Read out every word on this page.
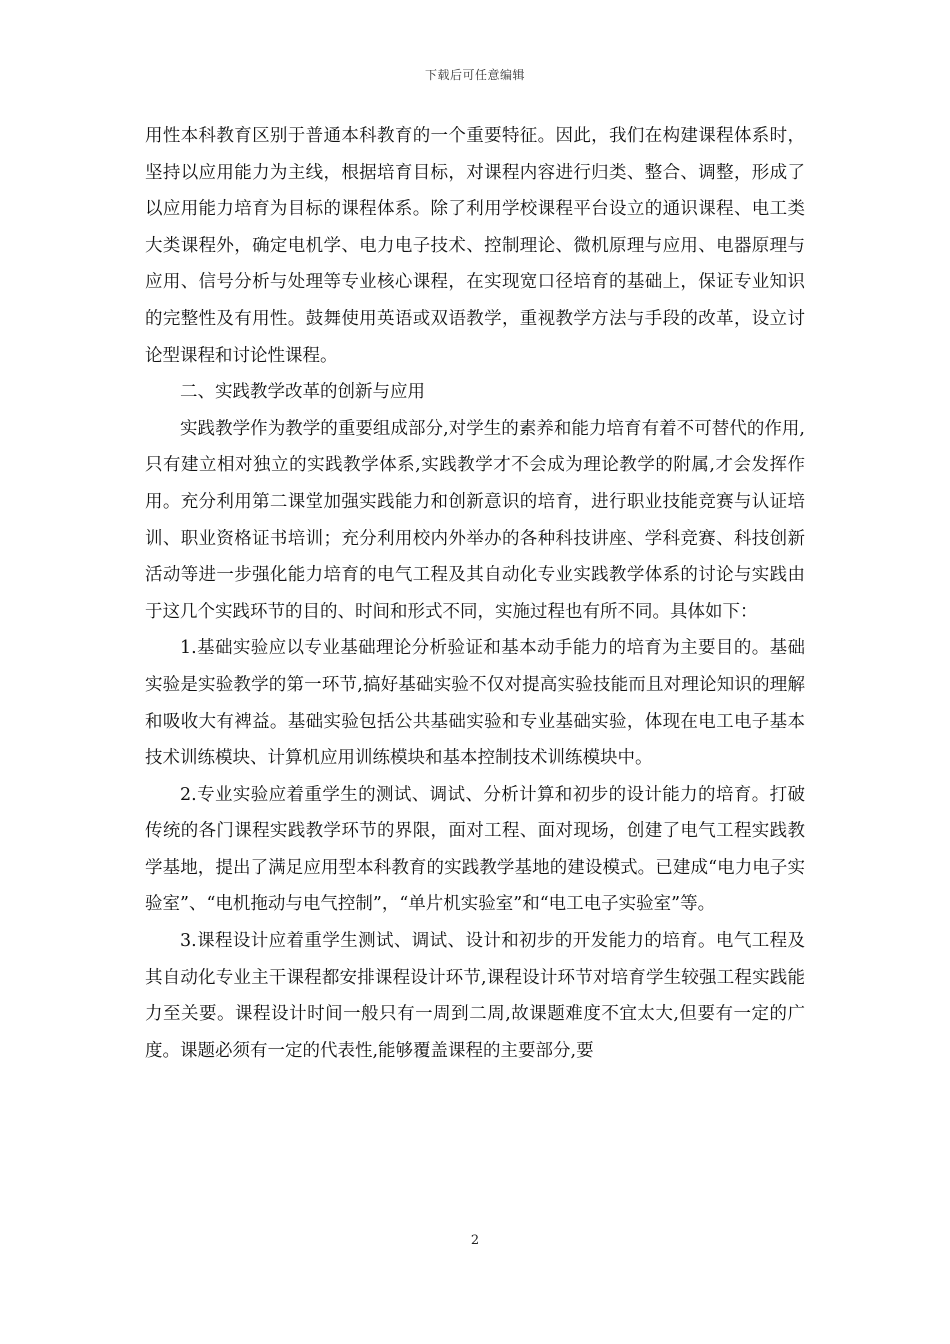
下载后可任意编辑

用性本科教育区别于普通本科教育的一个重要特征。因此，我们在构建课程体系时，坚持以应用能力为主线，根据培育目标，对课程内容进行归类、整合、调整，形成了以应用能力培育为目标的课程体系。除了利用学校课程平台设立的通识课程、电工类大类课程外，确定电机学、电力电子技术、控制理论、微机原理与应用、电器原理与应用、信号分析与处理等专业核心课程，在实现宽口径培育的基础上，保证专业知识的完整性及有用性。鼓舞使用英语或双语教学，重视教学方法与手段的改革，设立讨论型课程和讨论性课程。

二、实践教学改革的创新与应用

实践教学作为教学的重要组成部分,对学生的素养和能力培育有着不可替代的作用,只有建立相对独立的实践教学体系,实践教学才不会成为理论教学的附属,才会发挥作用。充分利用第二课堂加强实践能力和创新意识的培育，进行职业技能竞赛与认证培训、职业资格证书培训；充分利用校内外举办的各种科技讲座、学科竞赛、科技创新活动等进一步强化能力培育的电气工程及其自动化专业实践教学体系的讨论与实践由于这几个实践环节的目的、时间和形式不同，实施过程也有所不同。具体如下：

1.基础实验应以专业基础理论分析验证和基本动手能力的培育为主要目的。基础实验是实验教学的第一环节,搞好基础实验不仅对提高实验技能而且对理论知识的理解和吸收大有裨益。基础实验包括公共基础实验和专业基础实验，体现在电工电子基本技术训练模块、计算机应用训练模块和基本控制技术训练模块中。

2.专业实验应着重学生的测试、调试、分析计算和初步的设计能力的培育。打破传统的各门课程实践教学环节的界限，面对工程、面对现场，创建了电气工程实践教学基地，提出了满足应用型本科教育的实践教学基地的建设模式。已建成“电力电子实验室”、“电机拖动与电气控制”，“单片机实验室”和“电工电子实验室”等。

3.课程设计应着重学生测试、调试、设计和初步的开发能力的培育。电气工程及其自动化专业主干课程都安排课程设计环节,课程设计环节对培育学生较强工程实践能力至关要。课程设计时间一般只有一周到二周,故课题难度不宜太大,但要有一定的广度。课题必须有一定的代表性,能够覆盖课程的主要部分,要

2
